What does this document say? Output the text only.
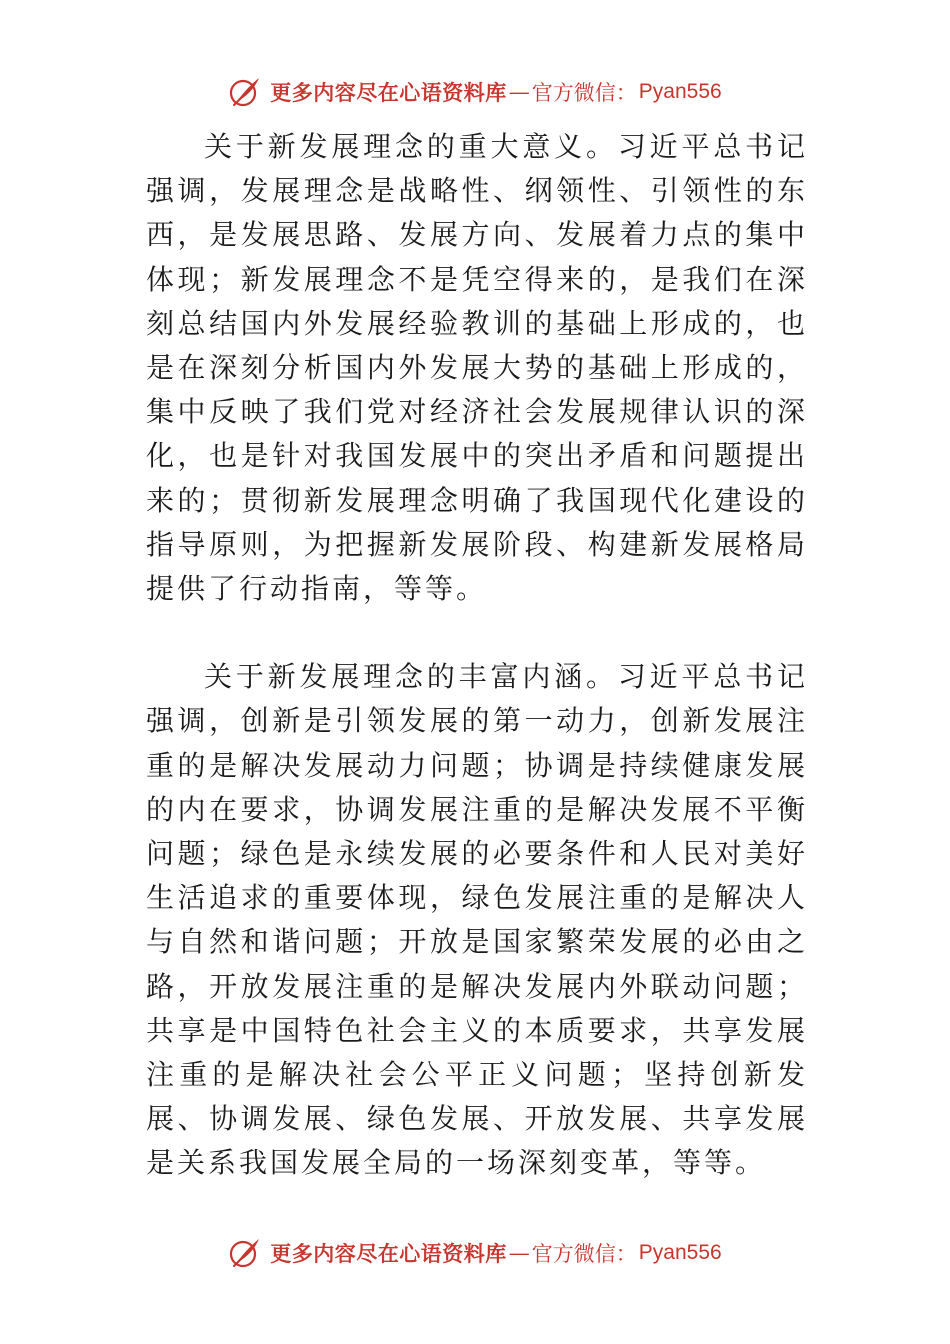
更多内容尽在心语资料库 — 官方微信： Pyan556

关于新发展理念的重大意义。习近平总书记强调，发展理念是战略性、纲领性、引领性的东西，是发展思路、发展方向、发展着力点的集中体现；新发展理念不是凭空得来的，是我们在深刻总结国内外发展经验教训的基础上形成的，也是在深刻分析国内外发展大势的基础上形成的，集中反映了我们党对经济社会发展规律认识的深化，也是针对我国发展中的突出矛盾和问题提出来的；贯彻新发展理念明确了我国现代化建设的指导原则，为把握新发展阶段、构建新发展格局提供了行动指南，等等。

关于新发展理念的丰富内涵。习近平总书记强调，创新是引领发展的第一动力，创新发展注重的是解决发展动力问题；协调是持续健康发展的内在要求，协调发展注重的是解决发展不平衡问题；绿色是永续发展的必要条件和人民对美好生活追求的重要体现，绿色发展注重的是解决人与自然和谐问题；开放是国家繁荣发展的必由之路，开放发展注重的是解决发展内外联动问题；共享是中国特色社会主义的本质要求，共享发展注重的是解决社会公平正义问题；坚持创新发展、协调发展、绿色发展、开放发展、共享发展是关系我国发展全局的一场深刻变革，等等。

更多内容尽在心语资料库 — 官方微信： Pyan556
